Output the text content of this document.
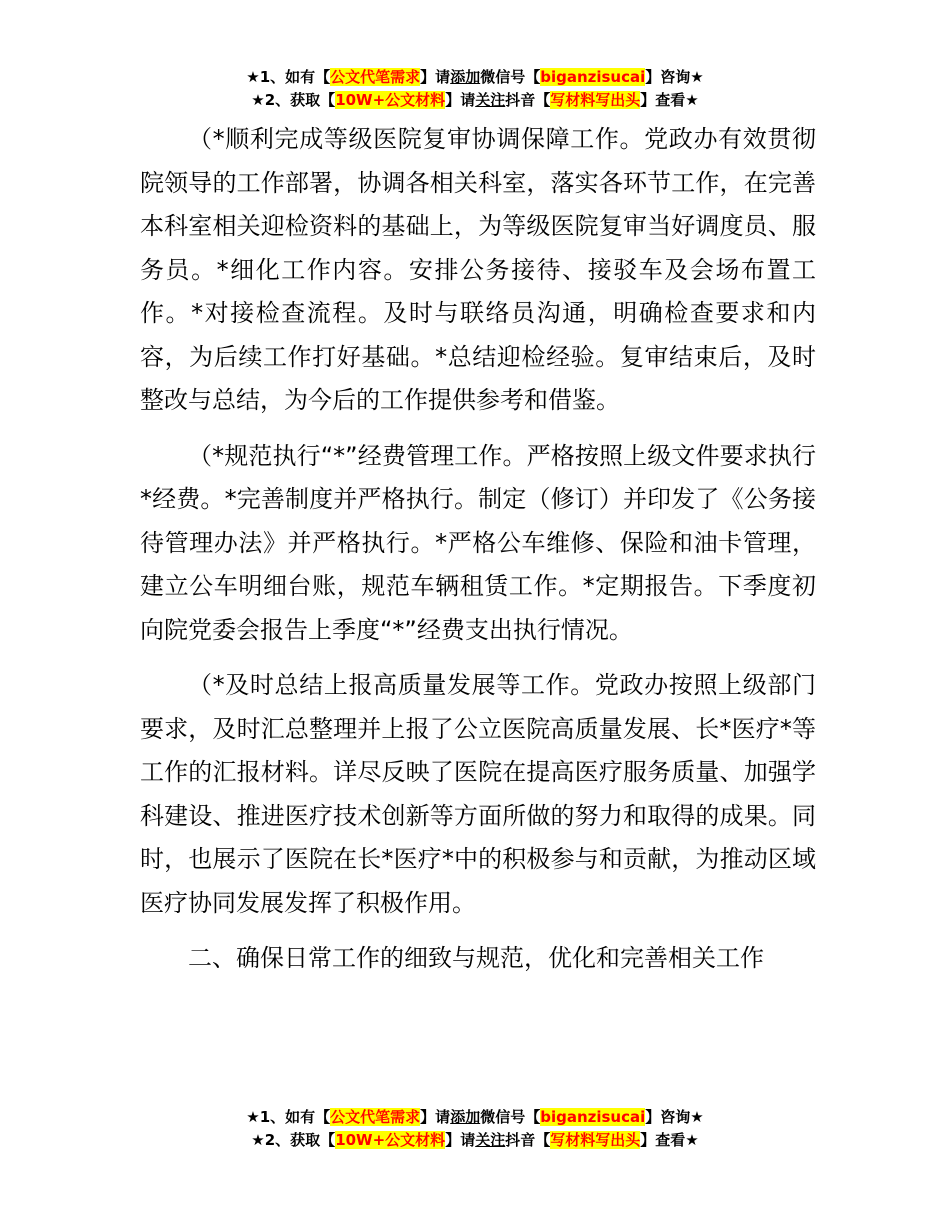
★1、如有【公文代笔需求】请添加微信号【biganzisucai】咨询★
★2、获取【10W+公文材料】请关注抖音【写材料写出头】查看★

（*顺利完成等级医院复审协调保障工作。党政办有效贯彻院领导的工作部署，协调各相关科室，落实各环节工作，在完善本科室相关迎检资料的基础上，为等级医院复审当好调度员、服务员。*细化工作内容。安排公务接待、接驳车及会场布置工作。*对接检查流程。及时与联络员沟通，明确检查要求和内容，为后续工作打好基础。*总结迎检经验。复审结束后，及时整改与总结，为今后的工作提供参考和借鉴。

（*规范执行“*”经费管理工作。严格按照上级文件要求执行*经费。*完善制度并严格执行。制定（修订）并印发了《公务接待管理办法》并严格执行。*严格公车维修、保险和油卡管理，建立公车明细台账，规范车辆租赁工作。*定期报告。下季度初向院党委会报告上季度“*”经费支出执行情况。

（*及时总结上报高质量发展等工作。党政办按照上级部门要求，及时汇总整理并上报了公立医院高质量发展、长*医疗*等工作的汇报材料。详尽反映了医院在提高医疗服务质量、加强学科建设、推进医疗技术创新等方面所做的努力和取得的成果。同时，也展示了医院在长*医疗*中的积极参与和贡献，为推动区域医疗协同发展发挥了积极作用。

二、确保日常工作的细致与规范，优化和完善相关工作

★1、如有【公文代笔需求】请添加微信号【biganzisucai】咨询★
★2、获取【10W+公文材料】请关注抖音【写材料写出头】查看★
